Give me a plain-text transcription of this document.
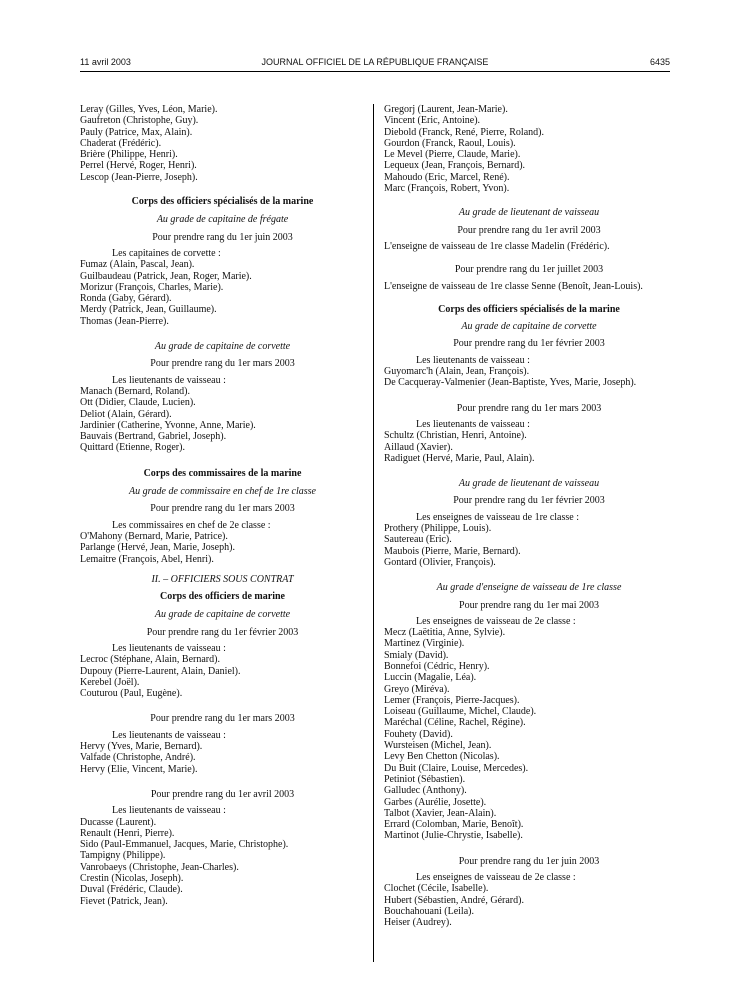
11 avril 2003	JOURNAL OFFICIEL DE LA RÉPUBLIQUE FRANÇAISE	6435

Leray (Gilles, Yves, Léon, Marie).

Gaufreton (Christophe, Guy).

Pauly (Patrice, Max, Alain).

Chaderat (Frédéric).

Brière (Philippe, Henri).

Perrel (Hervé, Roger, Henri).

Lescop (Jean-Pierre, Joseph).

Corps des officiers spécialisés de la marine

Au grade de capitaine de frégate

Pour prendre rang du 1er juin 2003

Les capitaines de corvette :

Fumaz (Alain, Pascal, Jean).

Guilbaudeau (Patrick, Jean, Roger, Marie).

Morizur (François, Charles, Marie).

Ronda (Gaby, Gérard).

Merdy (Patrick, Jean, Guillaume).

Thomas (Jean-Pierre).

Au grade de capitaine de corvette

Pour prendre rang du 1er mars 2003

Les lieutenants de vaisseau :

Manach (Bernard, Roland).

Ott (Didier, Claude, Lucien).

Deliot (Alain, Gérard).

Jardinier (Catherine, Yvonne, Anne, Marie).

Bauvais (Bertrand, Gabriel, Joseph).

Quittard (Etienne, Roger).

Corps des commissaires de la marine

Au grade de commissaire en chef de 1re classe

Pour prendre rang du 1er mars 2003

Les commissaires en chef de 2e classe :

O'Mahony (Bernard, Marie, Patrice).

Parlange (Hervé, Jean, Marie, Joseph).

Lemaitre (François, Abel, Henri).

II. – OFFICIERS SOUS CONTRAT

Corps des officiers de marine

Au grade de capitaine de corvette

Pour prendre rang du 1er février 2003

Les lieutenants de vaisseau :

Lecroc (Stéphane, Alain, Bernard).

Dupouy (Pierre-Laurent, Alain, Daniel).

Kerebel (Joël).

Couturou (Paul, Eugène).

Pour prendre rang du 1er mars 2003

Les lieutenants de vaisseau :

Hervy (Yves, Marie, Bernard).

Valfade (Christophe, André).

Hervy (Elie, Vincent, Marie).

Pour prendre rang du 1er avril 2003

Les lieutenants de vaisseau :

Ducasse (Laurent).

Renault (Henri, Pierre).

Sido (Paul-Emmanuel, Jacques, Marie, Christophe).

Tampigny (Philippe).

Vanrobaeys (Christophe, Jean-Charles).

Crestin (Nicolas, Joseph).

Duval (Frédéric, Claude).

Fievet (Patrick, Jean).

Gregorj (Laurent, Jean-Marie).

Vincent (Eric, Antoine).

Diebold (Franck, René, Pierre, Roland).

Gourdon (Franck, Raoul, Louis).

Le Mevel (Pierre, Claude, Marie).

Lequeux (Jean, François, Bernard).

Mahoudo (Eric, Marcel, René).

Marc (François, Robert, Yvon).

Au grade de lieutenant de vaisseau

Pour prendre rang du 1er avril 2003

L'enseigne de vaisseau de 1re classe Madelin (Frédéric).

Pour prendre rang du 1er juillet 2003

L'enseigne de vaisseau de 1re classe Senne (Benoît, Jean-Louis).

Corps des officiers spécialisés de la marine

Au grade de capitaine de corvette

Pour prendre rang du 1er février 2003

Les lieutenants de vaisseau :

Guyomarc'h (Alain, Jean, François).

De Cacqueray-Valmenier (Jean-Baptiste, Yves, Marie, Joseph).

Pour prendre rang du 1er mars 2003

Les lieutenants de vaisseau :

Schultz (Christian, Henri, Antoine).

Aillaud (Xavier).

Radiguet (Hervé, Marie, Paul, Alain).

Au grade de lieutenant de vaisseau

Pour prendre rang du 1er février 2003

Les enseignes de vaisseau de 1re classe :

Prothery (Philippe, Louis).

Sautereau (Eric).

Maubois (Pierre, Marie, Bernard).

Gontard (Olivier, François).

Au grade d'enseigne de vaisseau de 1re classe

Pour prendre rang du 1er mai 2003

Les enseignes de vaisseau de 2e classe :

Mecz (Laëtitia, Anne, Sylvie).

Martinez (Virginie).

Smialy (David).

Bonnefoi (Cédric, Henry).

Luccin (Magalie, Léa).

Greyo (Miréva).

Lemer (François, Pierre-Jacques).

Loiseau (Guillaume, Michel, Claude).

Maréchal (Céline, Rachel, Régine).

Fouhety (David).

Wursteisen (Michel, Jean).

Levy Ben Chetton (Nicolas).

Du Buit (Claire, Louise, Mercedes).

Petiniot (Sébastien).

Galludec (Anthony).

Garbes (Aurélie, Josette).

Talbot (Xavier, Jean-Alain).

Errard (Colomban, Marie, Benoît).

Martinot (Julie-Chrystie, Isabelle).

Pour prendre rang du 1er juin 2003

Les enseignes de vaisseau de 2e classe :

Clochet (Cécile, Isabelle).

Hubert (Sébastien, André, Gérard).

Bouchahouani (Leila).

Heiser (Audrey).
